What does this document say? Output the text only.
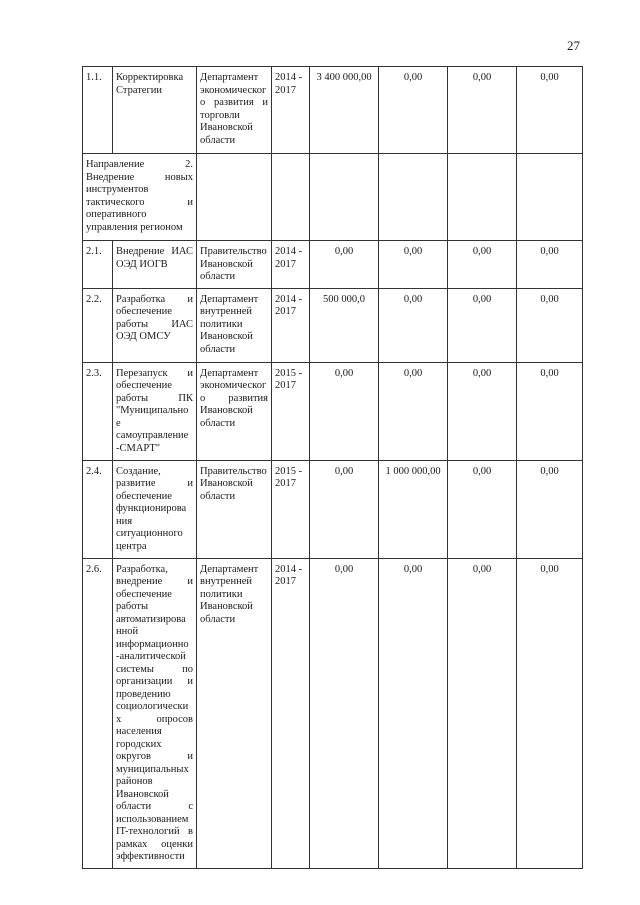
27
1.1.	Корректировка Стратегии	Департамент экономическог о развития и торговли Ивановской области	2014 - 2017	3 400 000,00	0,00	0,00	0,00
Направление 2. Внедрение новых инструментов тактического и оперативного управления регионом							
2.1.	Внедрение ИАС ОЭД ИОГВ	Правительство Ивановской области	2014 - 2017	0,00	0,00	0,00	0,00
2.2.	Разработка и обеспечение работы ИАС ОЭД ОМСУ	Департамент внутренней политики Ивановской области	2014 - 2017	500 000,0	0,00	0,00	0,00
2.3.	Перезапуск и обеспечение работы ПК "Муниципально е самоуправление -СМАРТ"	Департамент экономическог о развития Ивановской области	2015 - 2017	0,00	0,00	0,00	0,00
2.4.	Создание, развитие и обеспечение функционирова ния ситуационного центра	Правительство Ивановской области	2015 - 2017	0,00	1 000 000,00	0,00	0,00
2.6.	Разработка, внедрение и обеспечение работы автоматизирова нной информационно -аналитической системы по организации и проведению социологически х опросов населения городских округов и муниципальных районов Ивановской области с использованием IT-технологий в рамках оценки эффективности	Департамент внутренней политики Ивановской области	2014 - 2017	0,00	0,00	0,00	0,00
